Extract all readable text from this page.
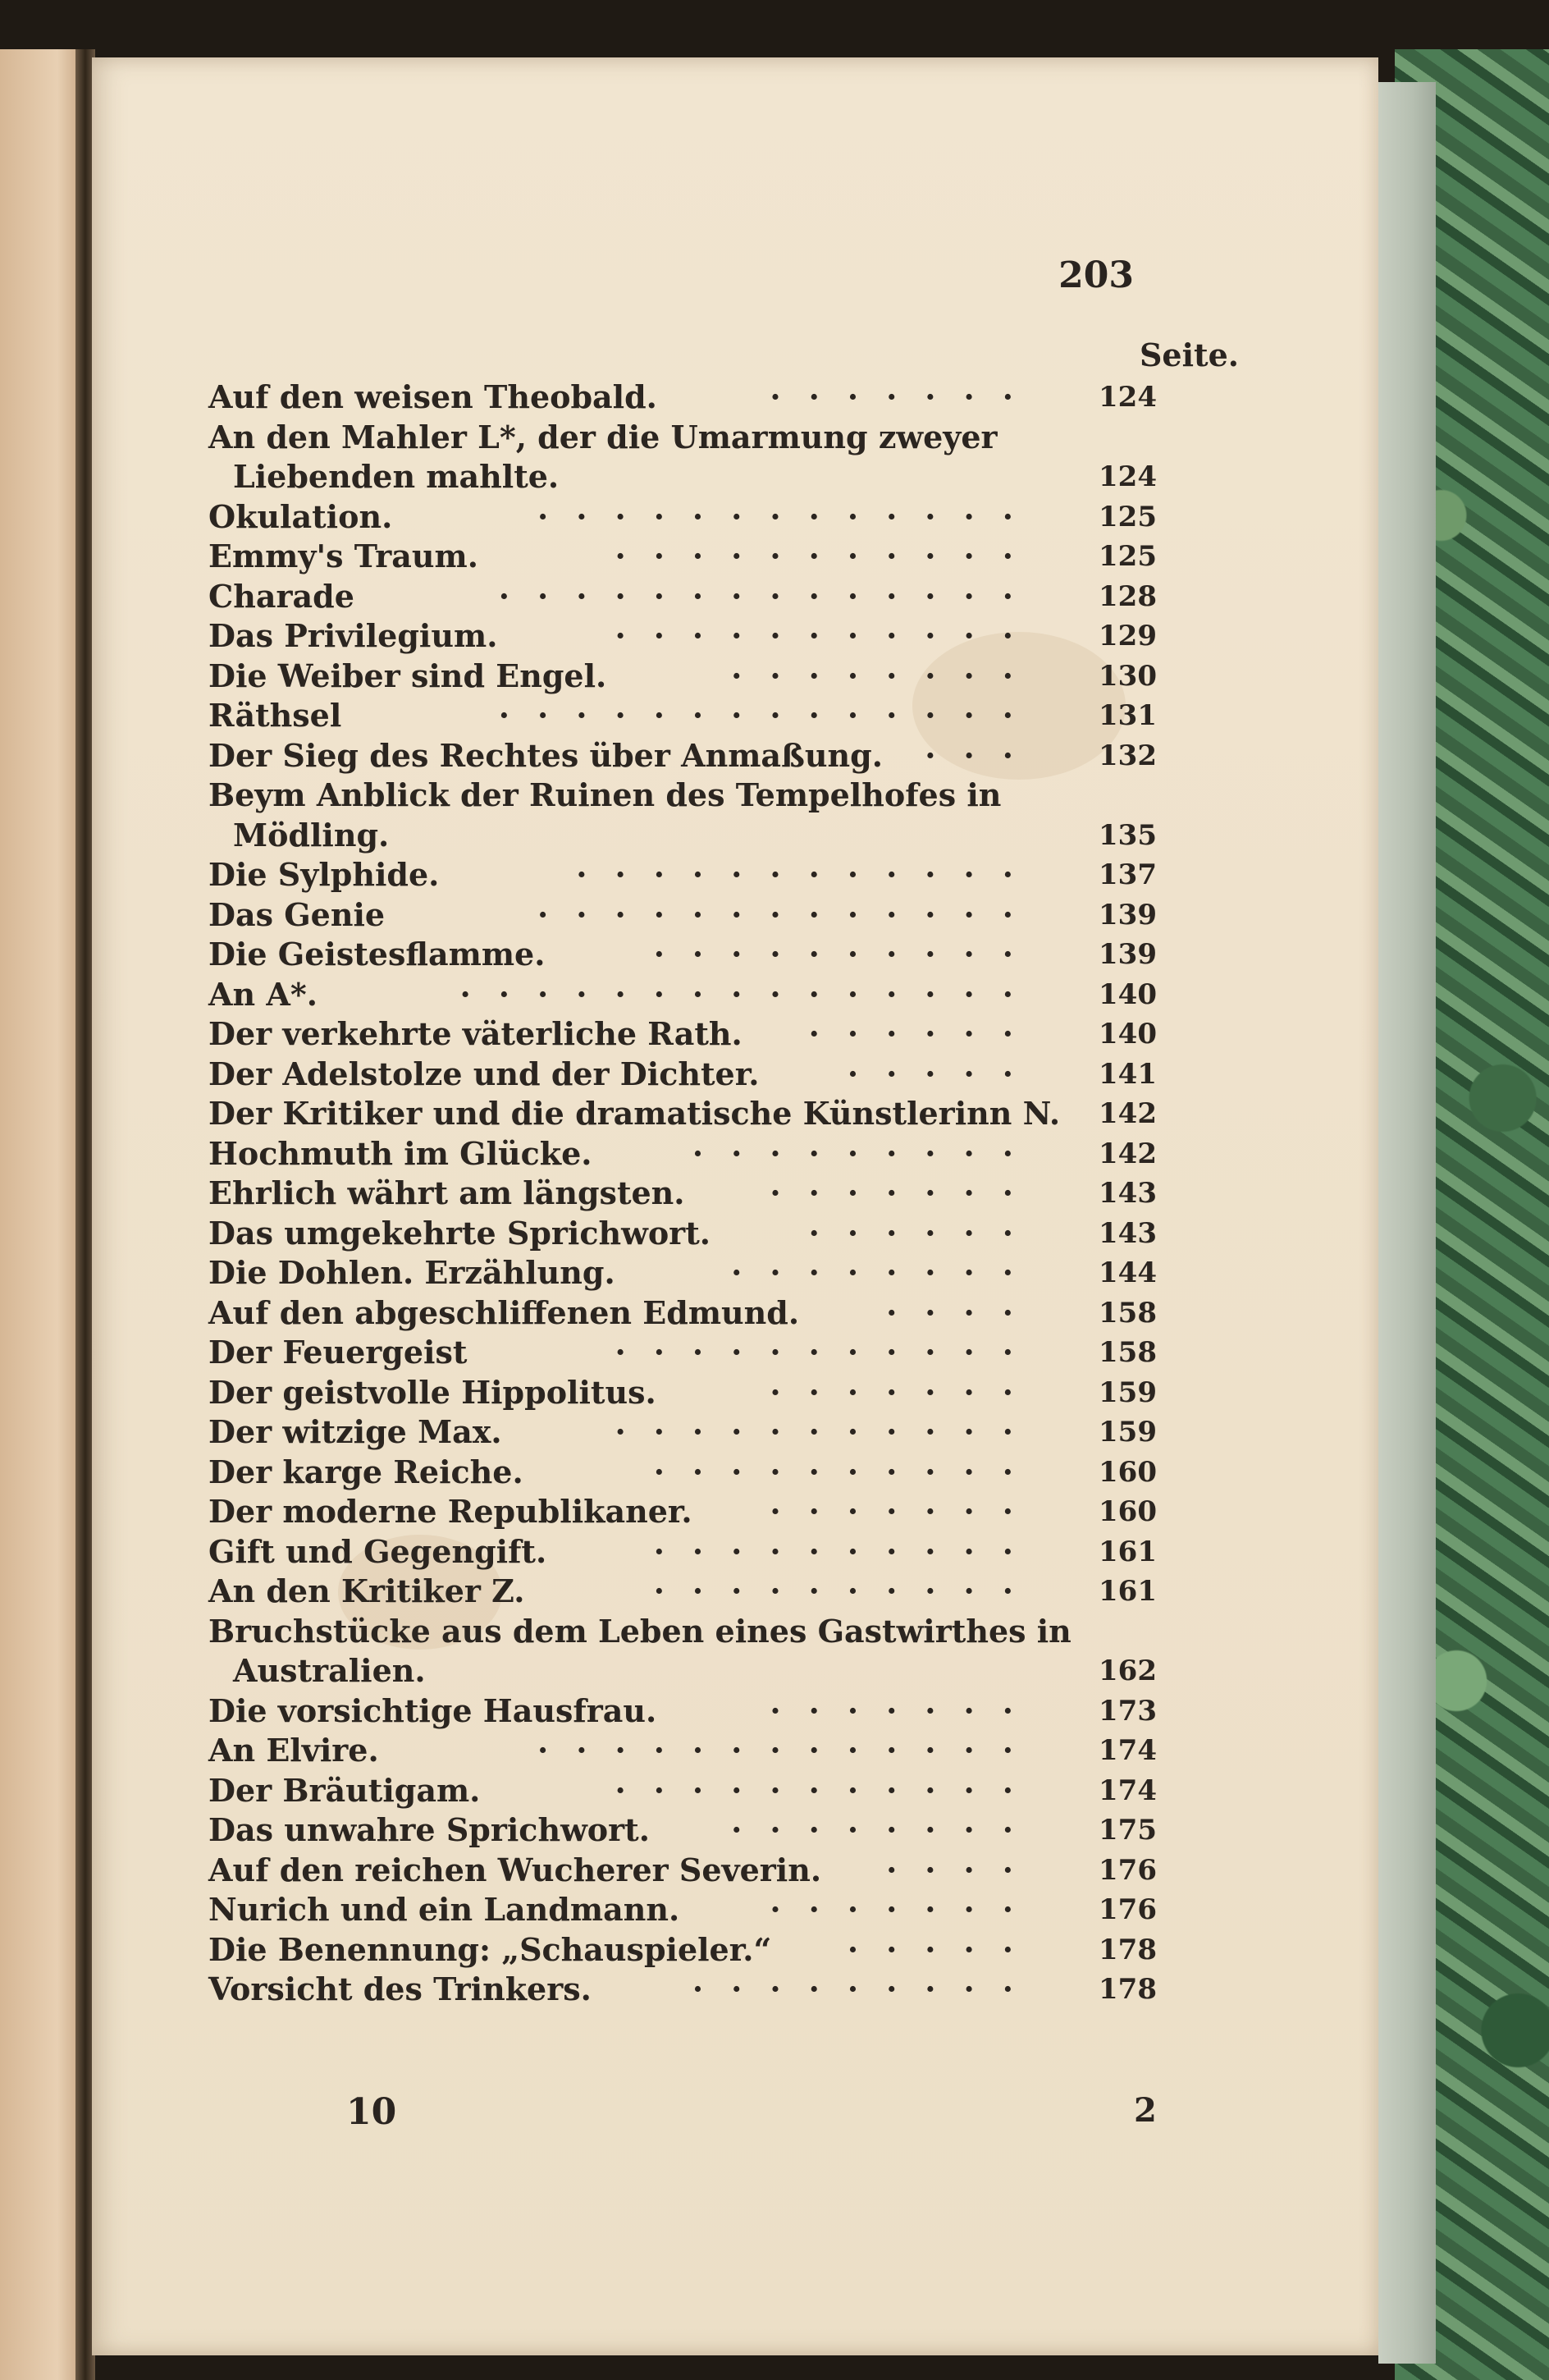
203
Seite.
Auf den weisen Theobald.	······· 124
An den Mahler L*, der die Umarmung zweyer
Liebenden mahlte.	124
Okulation.	············· 125
Emmy's Traum.	··········· 125
Charade	·············· 128
Das Privilegium.	··········· 129
Die Weiber sind Engel.	········ 130
Räthsel	·············· 131
Der Sieg des Rechtes über Anmaßung. ··· 132
Beym Anblick der Ruinen des Tempelhofes in
Mödling.	135
Die Sylphide.	············ 137
Das Genie	············· 139
Die Geistesflamme.	·········· 139
An A*.	··············· 140
Der verkehrte väterliche Rath. ······ 140
Der Adelstolze und der Dichter.	····· 141
Der Kritiker und die dramatische Künstlerinn N. 142
Hochmuth im Glücke.	········· 142
Ehrlich währt am längsten.	······· 143
Das umgekehrte Sprichwort.	······ 143
Die Dohlen. Erzählung.	········ 144
Auf den abgeschliffenen Edmund.	···· 158
Der Feuergeist	··········· 158
Der geistvolle Hippolitus.	······· 159
Der witzige Max.	··········· 159
Der karge Reiche.	·········· 160
Der moderne Republikaner. ······· 160
Gift und Gegengift.	·········· 161
An den Kritiker Z.	·········· 161
Bruchstücke aus dem Leben eines Gastwirthes in
Australien.	162
Die vorsichtige Hausfrau.	······· 173
An Elvire.	············· 174
Der Bräutigam.	··········· 174
Das unwahre Sprichwort.	········ 175
Auf den reichen Wucherer Severin. ···· 176
Nurich und ein Landmann.	······· 176
Die Benennung: „Schauspieler.“ ····· 178
Vorsicht des Trinkers.	········· 178
10	2
